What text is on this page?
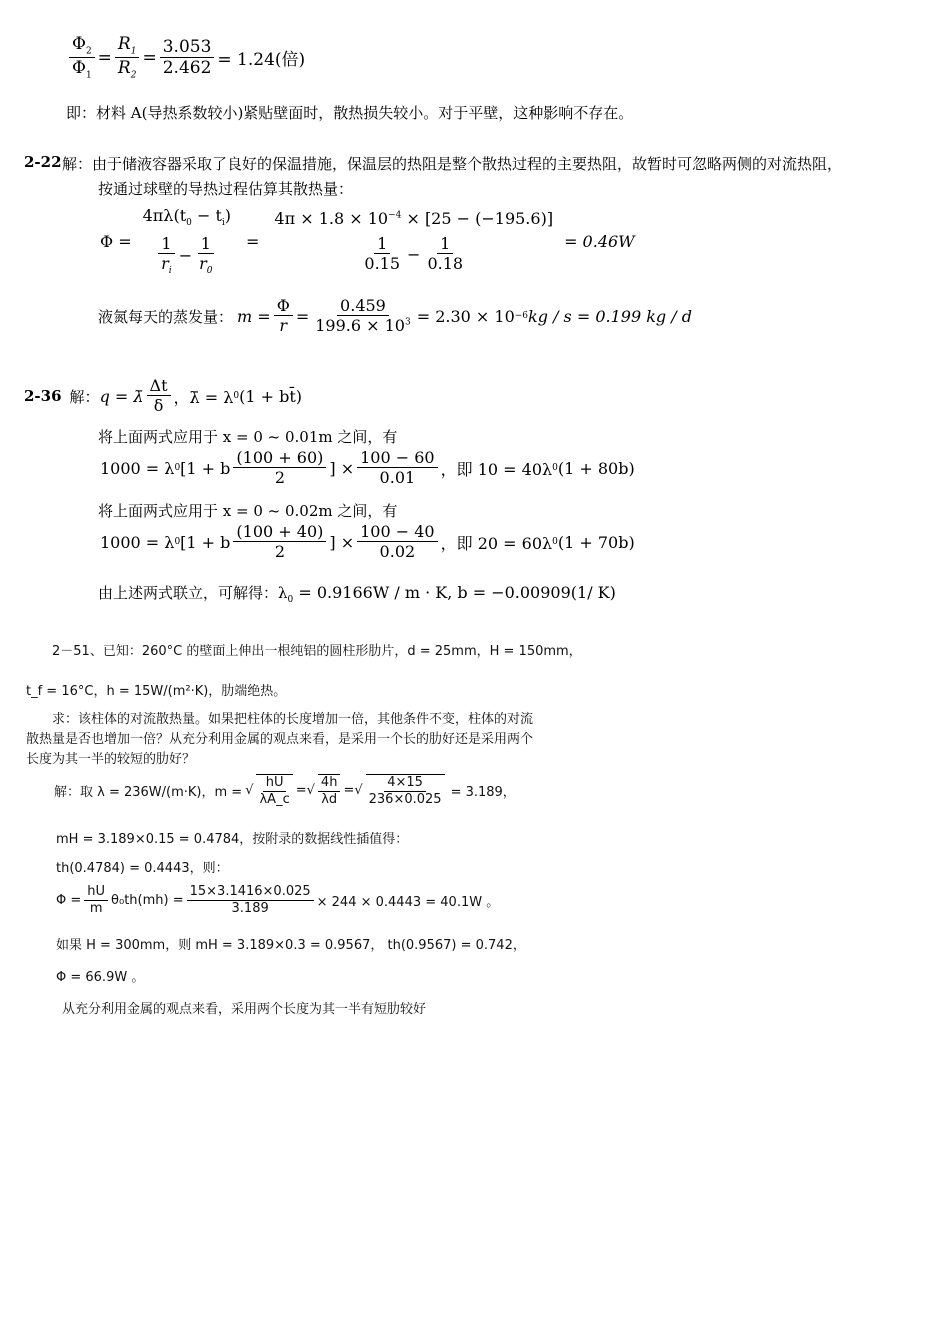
$\frac{\Phi_2}{\Phi_1} = \frac{R_1}{R_2} = \frac{3.053}{2.462} = 1.24$(倍)
即：材料 A(导热系数较小)紧贴壁面时，散热损失较小。对于平壁，这种影响不存在。
2-22 解：由于储液容器采取了良好的保温措施，保温层的热阻是整个散热过程的主要热阻，故暂时可忽略两侧的对流热阻，
按通过球壁的导热过程估算其散热量：
Φ =
$4\pi\lambda(t_0 - t_i)$
$\frac{1}{r_i} - \frac{1}{r_0}$ =
$4\pi \times 1.8 \times 10^{-4} \times [25 - (-195.6)]$
$\frac{1}{0.15} - \frac{1}{0.18}$	= 0.46W
液氮每天的蒸发量： $m = \frac{\Phi}{r} = \frac{0.459}{199.6 \times 10^3} = 2.30 \times 10 -6$ kg / s = 0.199 kg / d
2-36 解： q = λ̄ $\frac{\Delta t}{\delta}$ ，λ̄ = λ 0 (1 + bt̄)
将上面两式应用于 x = 0 ~ 0.01m 之间，有
1000 = λ 0 [1 + b $\frac{(100 + 60)}{2}$ ] × $\frac{100 - 60}{0.01}$ ，即 10 = 40λ 0 (1 + 80b)
将上面两式应用于 x = 0 ~ 0.02m 之间，有
1000 = λ 0 [1 + b $\frac{(100 + 40)}{2}$ ] × $\frac{100 - 40}{0.02}$ ，即 20 = 60λ 0 (1 + 70b)
由上述两式联立，可解得：$\lambda_0 = 0.9166W / m \cdot K$, b = −0.00909(1/ K)
2－51、已知：260°C 的壁面上伸出一根纯铝的圆柱形肋片，d = 25mm，H = 150mm，
t_f = 16°C，h = 15W/(m²·K)，肋端绝热。
求：该柱体的对流散热量。如果把柱体的长度增加一倍，其他条件不变，柱体的对流
散热量是否也增加一倍？从充分利用金属的观点来看，是采用一个长的肋好还是采用两个
长度为其一半的较短的肋好？
解：取 λ = 236W/(m·K)，m = √ $\frac{hU}{\lambda A\_c}$ = √ $\frac{4h}{\lambda d}$ = √ $\frac{4\times 15}{236\times 0.025} = 3.189$，
mH = 3.189×0.15 = 0.4784，按附录的数据线性插值得：
th(0.4784) = 0.4443，则：
$\Phi = \frac{hU}{m} \theta_0th(mh) = \frac{15\times 3.1416\times 0.025}{3.189} \times 244 \times 0.4443 = 40.1W$ 。
如果 H = 300mm，则 mH = 3.189×0.3 = 0.9567， th(0.9567) = 0.742，
Φ = 66.9W 。
从充分利用金属的观点来看，采用两个长度为其一半有短肋较好
